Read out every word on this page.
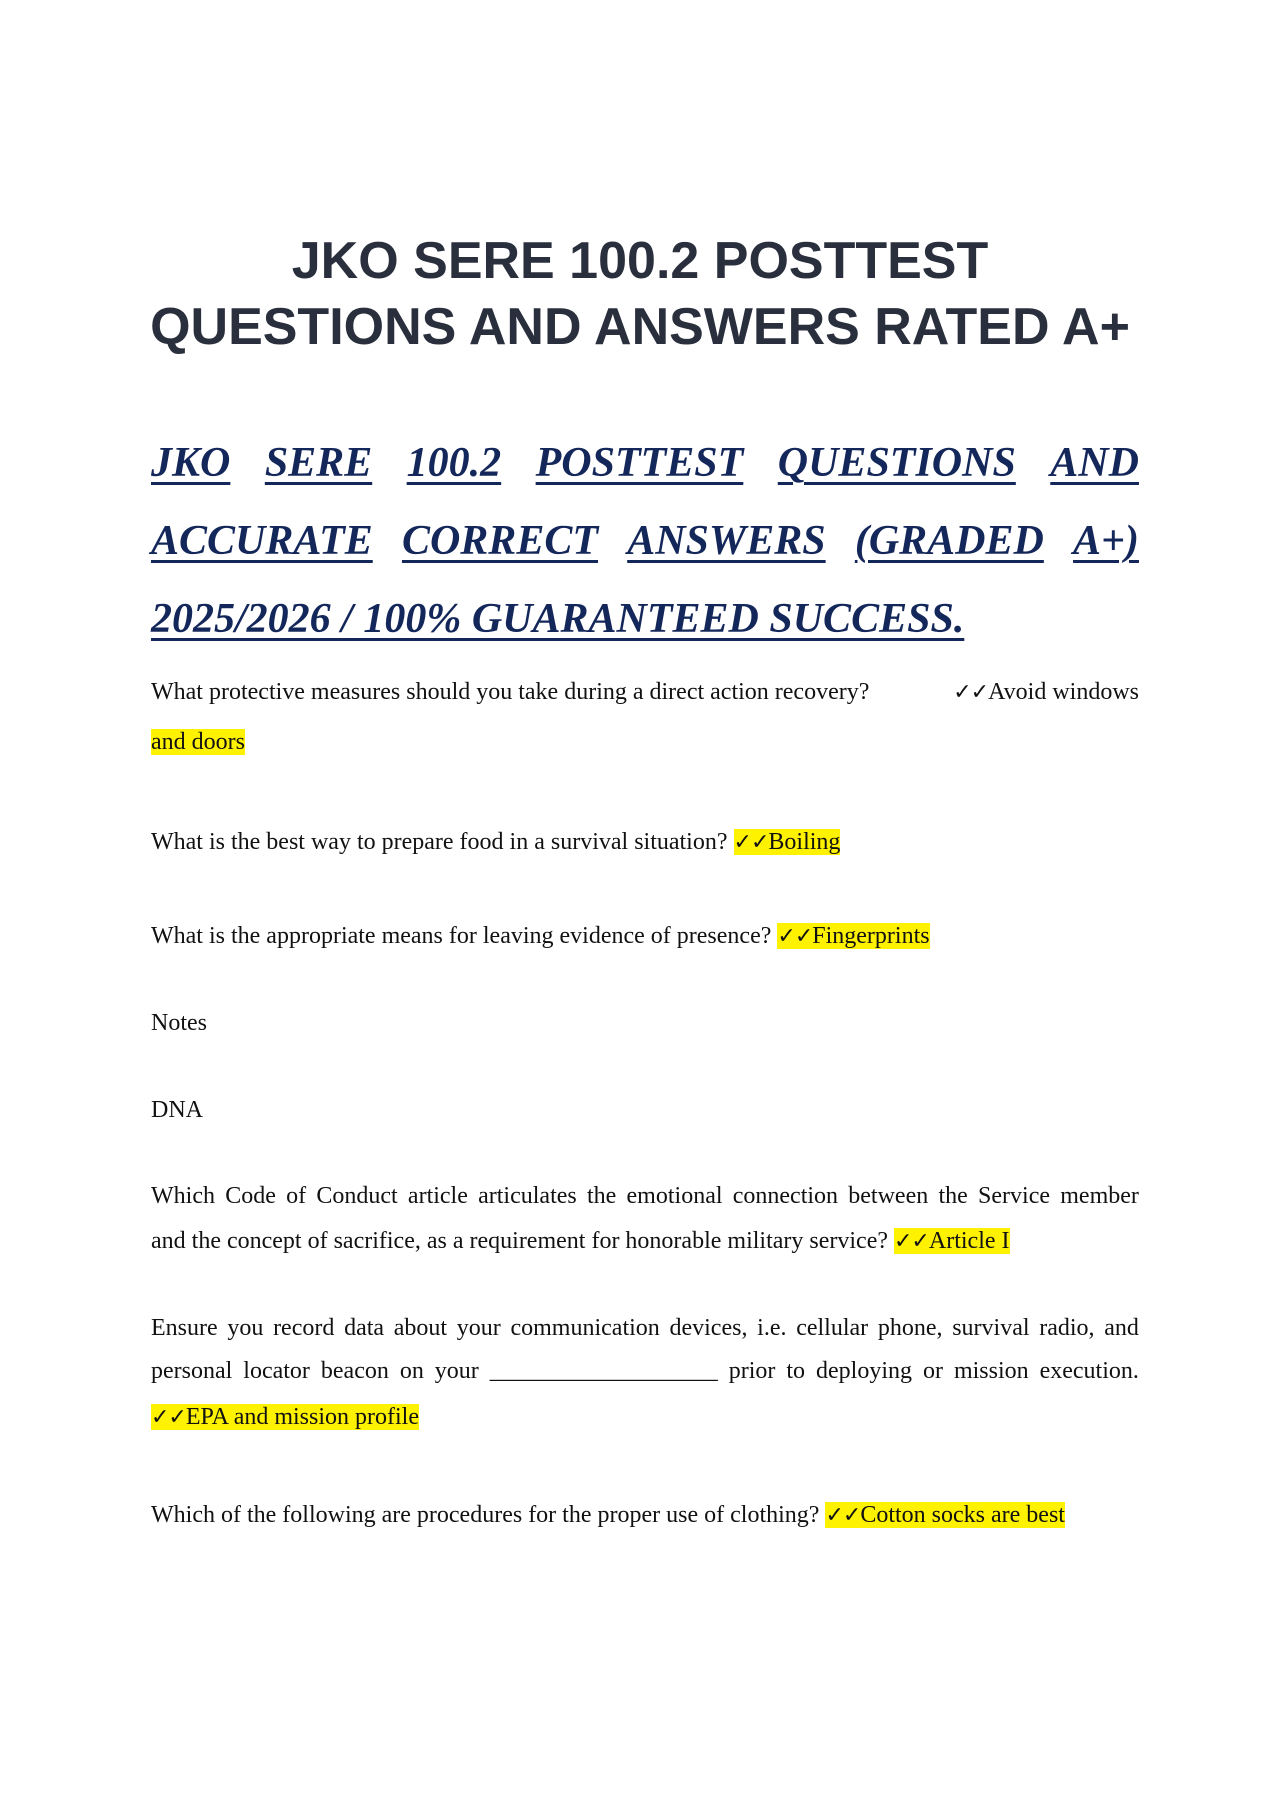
JKO SERE 100.2 POSTTEST
QUESTIONS AND ANSWERS RATED A+
JKO SERE 100.2 POSTTEST QUESTIONS AND
ACCURATE CORRECT ANSWERS (GRADED A+)
2025/2026 / 100% GUARANTEED SUCCESS.
What protective measures should you take during a direct action recovery?	✓✓Avoid windows
and doors
What is the best way to prepare food in a survival situation? ✓✓Boiling
What is the appropriate means for leaving evidence of presence? ✓✓Fingerprints
Notes
DNA
Which Code of Conduct article articulates the emotional connection between the Service member
and the concept of sacrifice, as a requirement for honorable military service? ✓✓Article I
Ensure you record data about your communication devices, i.e. cellular phone, survival radio, and
personal locator beacon on your ___________________ prior to deploying or mission execution.
✓✓EPA and mission profile
Which of the following are procedures for the proper use of clothing? ✓✓Cotton socks are best
